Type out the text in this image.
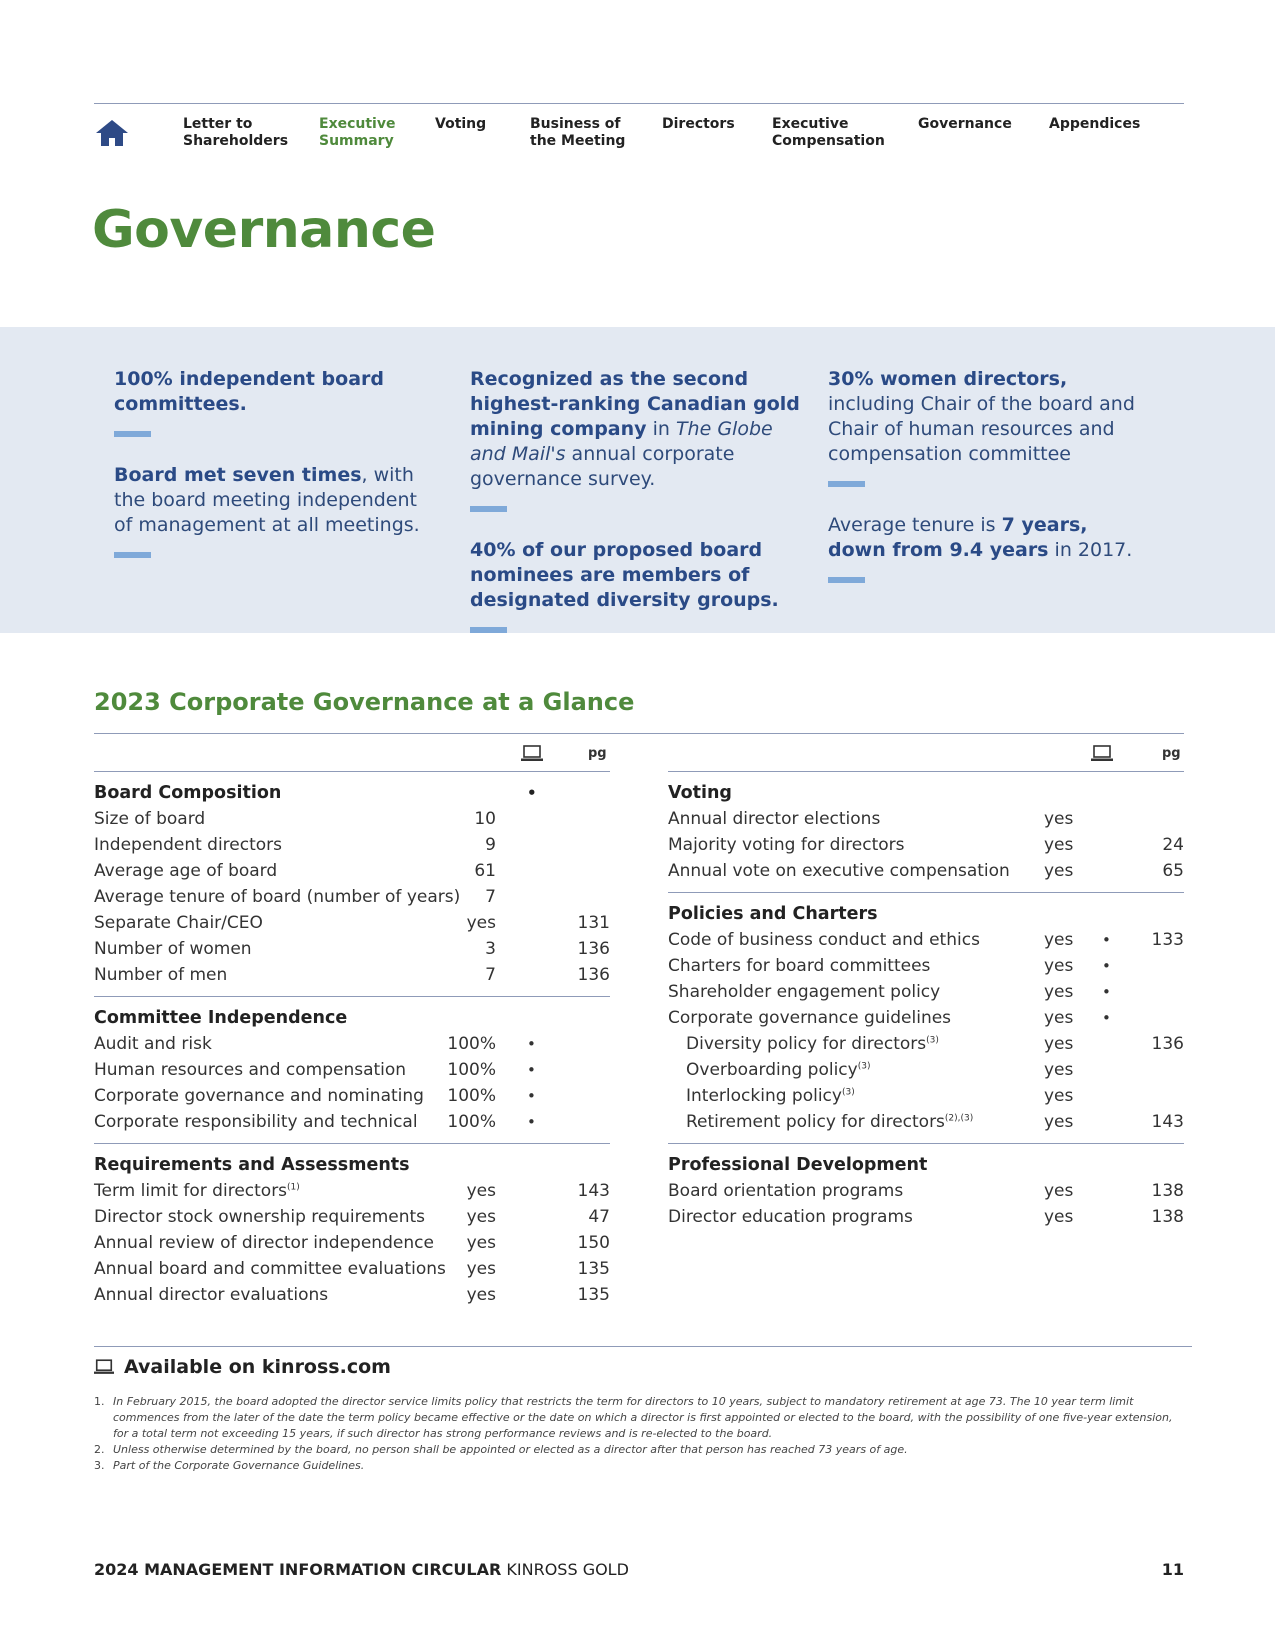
Letter to
Shareholders
Executive
Summary
Voting	Business of
the Meeting
Directors	Executive
Compensation
Governance	Appendices
Governance
100% independent board committees.
Board met seven times, with the board meeting independent of management at all meetings.
Recognized as the second highest-ranking Canadian gold mining company in The Globe and Mail's annual corporate governance survey.
40% of our proposed board nominees are members of designated diversity groups.
30% women directors, including Chair of the board and Chair of human resources and compensation committee
Average tenure is 7 years, down from 9.4 years in 2017.
2023 Corporate Governance at a Glance
pg
Board Composition	•
Size of board	10
Independent directors	9
Average age of board	61
Average tenure of board (number of years)	7
Separate Chair/CEO	yes	131
Number of women	3	136
Number of men	7	136
Committee Independence
Audit and risk	100% •
Human resources and compensation	100% •
Corporate governance and nominating	100% •
Corporate responsibility and technical	100% •
Requirements and Assessments
Term limit for directors$^{(1)}$	yes	143
Director stock ownership requirements	yes	47
Annual review of director independence	yes	150
Annual board and committee evaluations	yes	135
Annual director evaluations	yes	135
pg
Voting
Annual director elections	yes
Majority voting for directors	yes	24
Annual vote on executive compensation yes	65
Policies and Charters
Code of business conduct and ethics	yes	•	133
Charters for board committees	yes	•
Shareholder engagement policy	yes	•
Corporate governance guidelines	yes	•
Diversity policy for directors$^{(3)}$	yes	136
Overboarding policy$^{(3)}$	yes
Interlocking policy$^{(3)}$	yes
Retirement policy for directors$^{(2),(3)}$	yes	143
Professional Development
Board orientation programs	yes	138
Director education programs	yes	138
Available on kinross.com
1. In February 2015, the board adopted the director service limits policy that restricts the term for directors to 10 years, subject to mandatory retirement at age 73. The 10 year term limit commences from the later of the date the term policy became effective or the date on which a director is first appointed or elected to the board, with the possibility of one five-year extension, for a total term not exceeding 15 years, if such director has strong performance reviews and is re-elected to the board.
2. Unless otherwise determined by the board, no person shall be appointed or elected as a director after that person has reached 73 years of age.
3. Part of the Corporate Governance Guidelines.
2024 MANAGEMENT INFORMATION CIRCULAR KINROSS GOLD	11
